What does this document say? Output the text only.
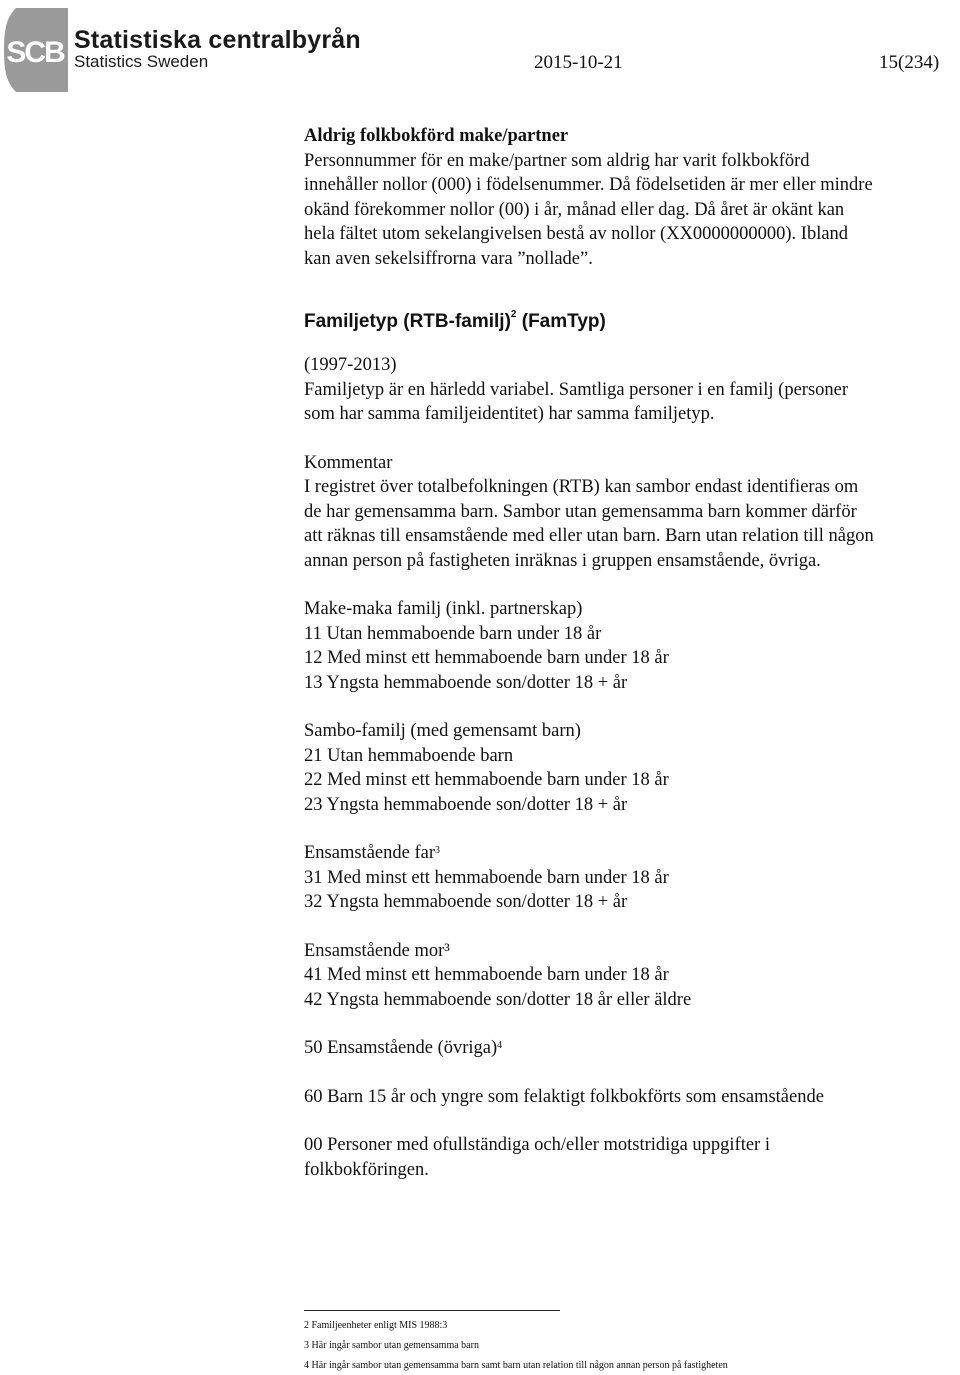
SCB Statistiska centralbyrån
Statistics Sweden	2015-10-21	15(234)

Aldrig folkbokförd make/partner

Personnummer för en make/partner som aldrig har varit folkbokförd
innehåller nollor (000) i födelsenummer. Då födelsetiden är mer eller mindre
okänd förekommer nollor (00) i år, månad eller dag. Då året är okänt kan
hela fältet utom sekelangivelsen bestå av nollor (XX0000000000). Ibland
kan aven sekelsiffrorna vara ”nollade”.

Familjetyp (RTB-familj)$^2$ (FamTyp)

(1997-2013)
Familjetyp är en härledd variabel. Samtliga personer i en familj (personer
som har samma familjeidentitet) har samma familjetyp.

Kommentar
I registret över totalbefolkningen (RTB) kan sambor endast identifieras om
de har gemensamma barn. Sambor utan gemensamma barn kommer därför
att räknas till ensamstående med eller utan barn. Barn utan relation till någon
annan person på fastigheten inräknas i gruppen ensamstående, övriga.

Make-maka familj (inkl. partnerskap)
11 Utan hemmaboende barn under 18 år
12 Med minst ett hemmaboende barn under 18 år
13 Yngsta hemmaboende son/dotter 18 + år

Sambo-familj (med gemensamt barn)
21 Utan hemmaboende barn
22 Med minst ett hemmaboende barn under 18 år
23 Yngsta hemmaboende son/dotter 18 + år

Ensamstående far$^3$
31 Med minst ett hemmaboende barn under 18 år
32 Yngsta hemmaboende son/dotter 18 + år

Ensamstående mor³
41 Med minst ett hemmaboende barn under 18 år
42 Yngsta hemmaboende son/dotter 18 år eller äldre

50 Ensamstående (övriga)$^4$

60 Barn 15 år och yngre som felaktigt folkbokförts som ensamstående

00 Personer med ofullständiga och/eller motstridiga uppgifter i
folkbokföringen.

2 Familjeenheter enligt MIS 1988:3
3 Här ingår sambor utan gemensamma barn
4 Här ingår sambor utan gemensamma barn samt barn utan relation till någon annan person på fastigheten
